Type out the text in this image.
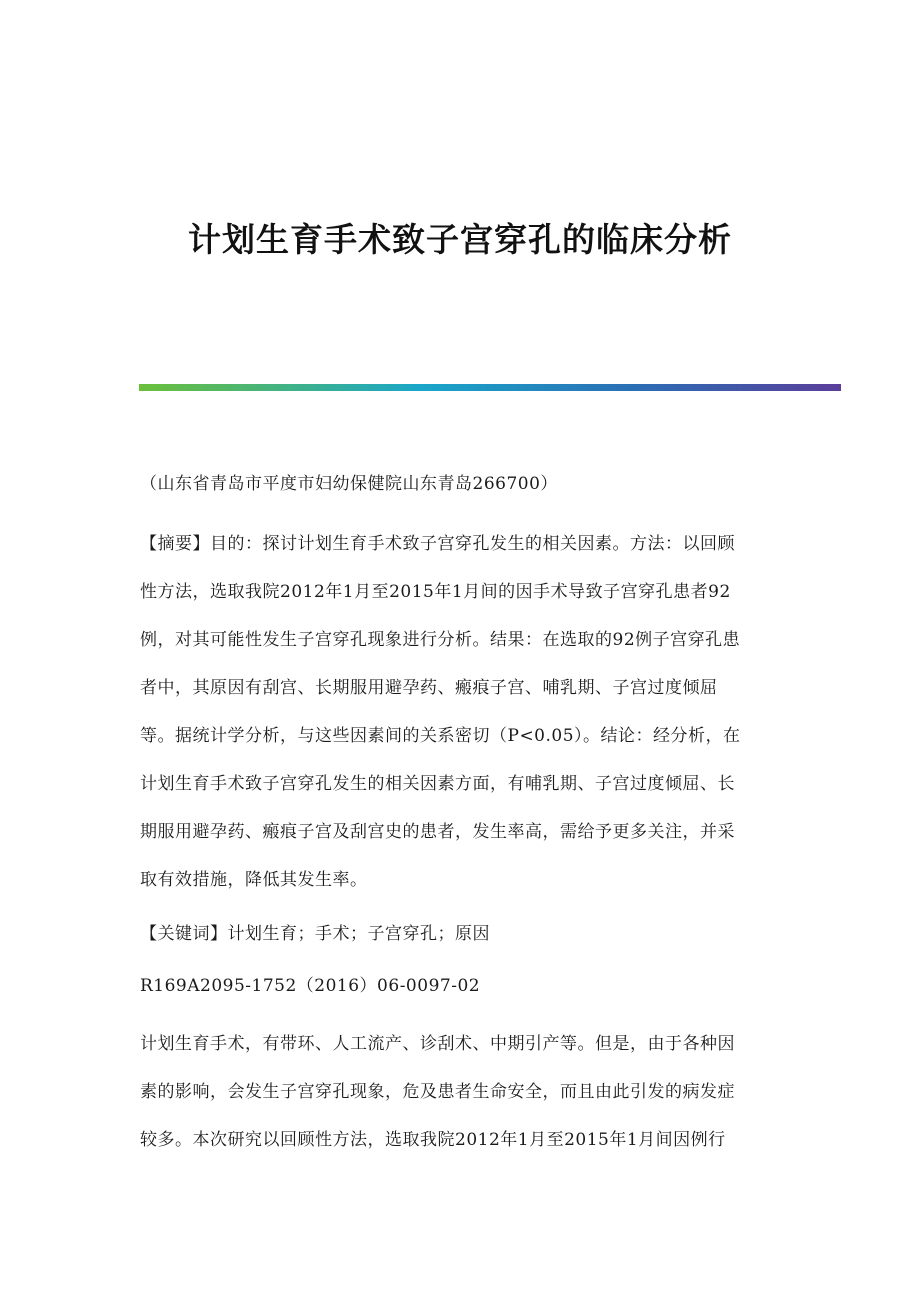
计划生育手术致子宫穿孔的临床分析

（山东省青岛市平度市妇幼保健院山东青岛266700）

【摘要】目的：探讨计划生育手术致子宫穿孔发生的相关因素。方法：以回顾
性方法，选取我院2012年1月至2015年1月间的因手术导致子宫穿孔患者92
例，对其可能性发生子宫穿孔现象进行分析。结果：在选取的92例子宫穿孔患
者中，其原因有刮宫、长期服用避孕药、瘢痕子宫、哺乳期、子宫过度倾屈
等。据统计学分析，与这些因素间的关系密切（P<0.05）。结论：经分析，在
计划生育手术致子宫穿孔发生的相关因素方面，有哺乳期、子宫过度倾屈、长
期服用避孕药、瘢痕子宫及刮宫史的患者，发生率高，需给予更多关注，并采
取有效措施，降低其发生率。

【关键词】计划生育；手术；子宫穿孔；原因

R169A2095-1752（2016）06-0097-02

计划生育手术，有带环、人工流产、诊刮术、中期引产等。但是，由于各种因
素的影响，会发生子宫穿孔现象，危及患者生命安全，而且由此引发的病发症
较多。本次研究以回顾性方法，选取我院2012年1月至2015年1月间因例行
